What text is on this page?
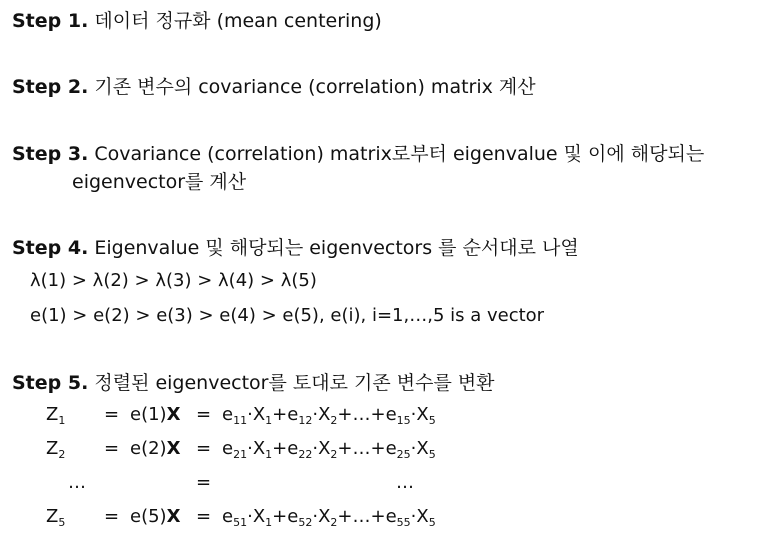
Step 1. 데이터 정규화 (mean centering)
Step 2. 기존 변수의 covariance (correlation) matrix 계산
Step 3. Covariance (correlation) matrix로부터 eigenvalue 및 이에 해당되는
eigenvector를 계산
Step 4. Eigenvalue 및 해당되는 eigenvectors 를 순서대로 나열
λ(1) > λ(2) > λ(3) > λ(4) > λ(5)
e(1) > e(2) > e(3) > e(4) > e(5), e(i), i=1,…,5 is a vector
Step 5. 정렬된 eigenvector를 토대로 기존 변수를 변환
$Z_1 = e(1)X$ = $e_{11}\cdot X_1+e_{12}\cdot X_2+\dots+e_{15}\cdot X_5$
$Z_2 = e(2)X$ = $e_{21}\cdot X_1+e_{22}\cdot X_2+\dots+e_{25}\cdot X_5$
…	=	…
$Z_5 = e(5)X$ = $e_{51}\cdot X_1+e_{52}\cdot X_2+\dots+e_{55}\cdot X_5$
